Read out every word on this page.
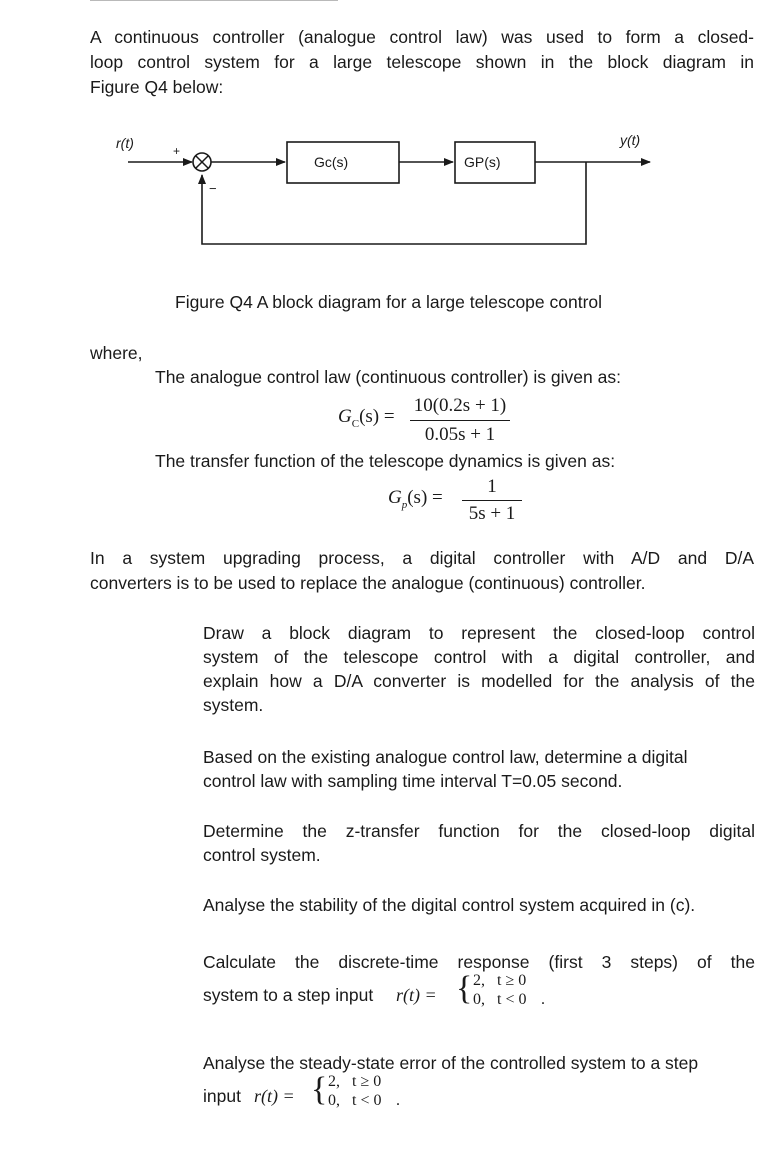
A continuous controller (analogue control law) was used to form a closed-
loop control system for a large telescope shown in the block diagram in
Figure Q4 below:
r(t)	y(t)
+
−
Gc(s)	GP(s)
Figure Q4 A block diagram for a large telescope control
where,
The analogue control law (continuous controller) is given as:
$G_C(s)$ =
10(0.2s + 1)
0.05s + 1
The transfer function of the telescope dynamics is given as:
$G_p(s)$ =
1
5s + 1
In a system upgrading process, a digital controller with A/D and D/A
converters is to be used to replace the analogue (continuous) controller.
Draw a block diagram to represent the closed-loop control
system of the telescope control with a digital controller, and
explain how a D/A converter is modelled for the analysis of the
system.
Based on the existing analogue control law, determine a digital
control law with sampling time interval T=0.05 second.
Determine the z-transfer function for the closed-loop digital
control system.
Analyse the stability of the digital control system acquired in (c).
Calculate the discrete-time response (first 3 steps) of the
system to a step input r(t) = { 2,   t ≥ 0
0,   t < 0 .
Analyse the steady-state error of the controlled system to a step
input r(t) = { 2,   t ≥ 0
0,   t < 0 .
